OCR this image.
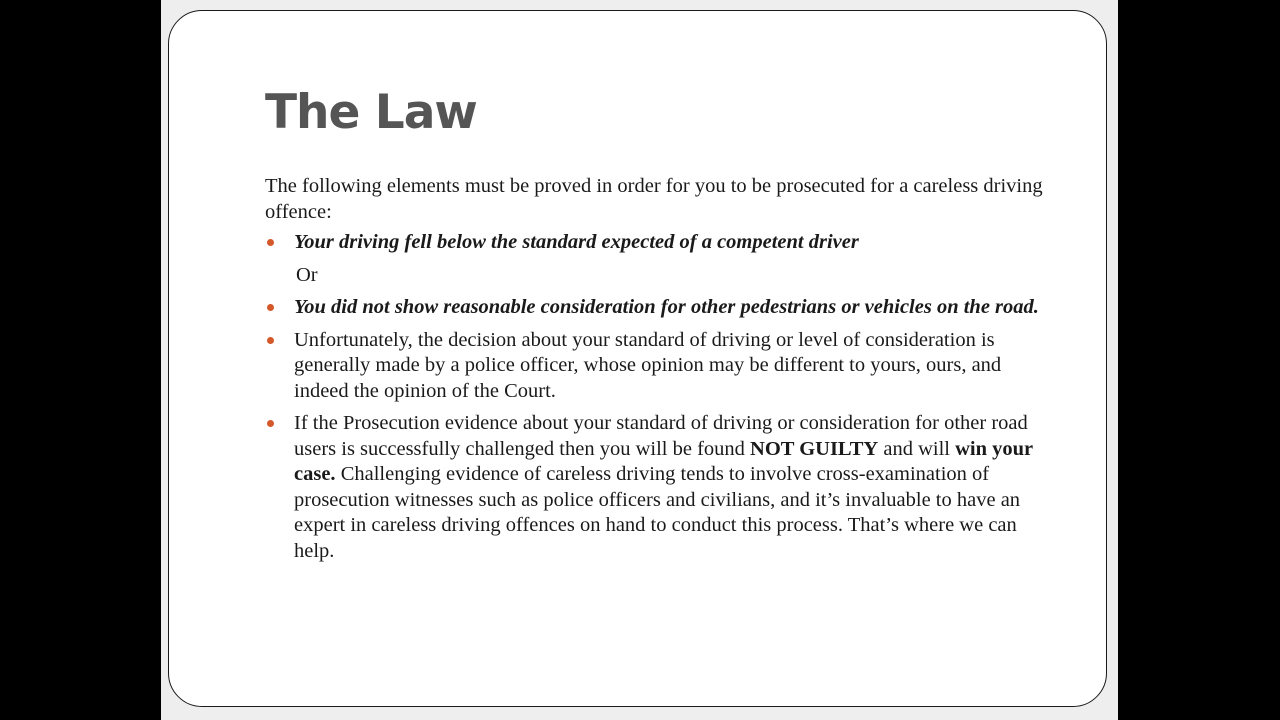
The Law

The following elements must be proved in order for you to be prosecuted for a careless driving offence:

Your driving fell below the standard expected of a competent driver
Or
You did not show reasonable consideration for other pedestrians or vehicles on the road.
Unfortunately, the decision about your standard of driving or level of consideration is generally made by a police officer, whose opinion may be different to yours, ours, and indeed the opinion of the Court.
If the Prosecution evidence about your standard of driving or consideration for other road users is successfully challenged then you will be found NOT GUILTY and will win your case. Challenging evidence of careless driving tends to involve cross-examination of prosecution witnesses such as police officers and civilians, and it’s invaluable to have an expert in careless driving offences on hand to conduct this process. That’s where we can help.
